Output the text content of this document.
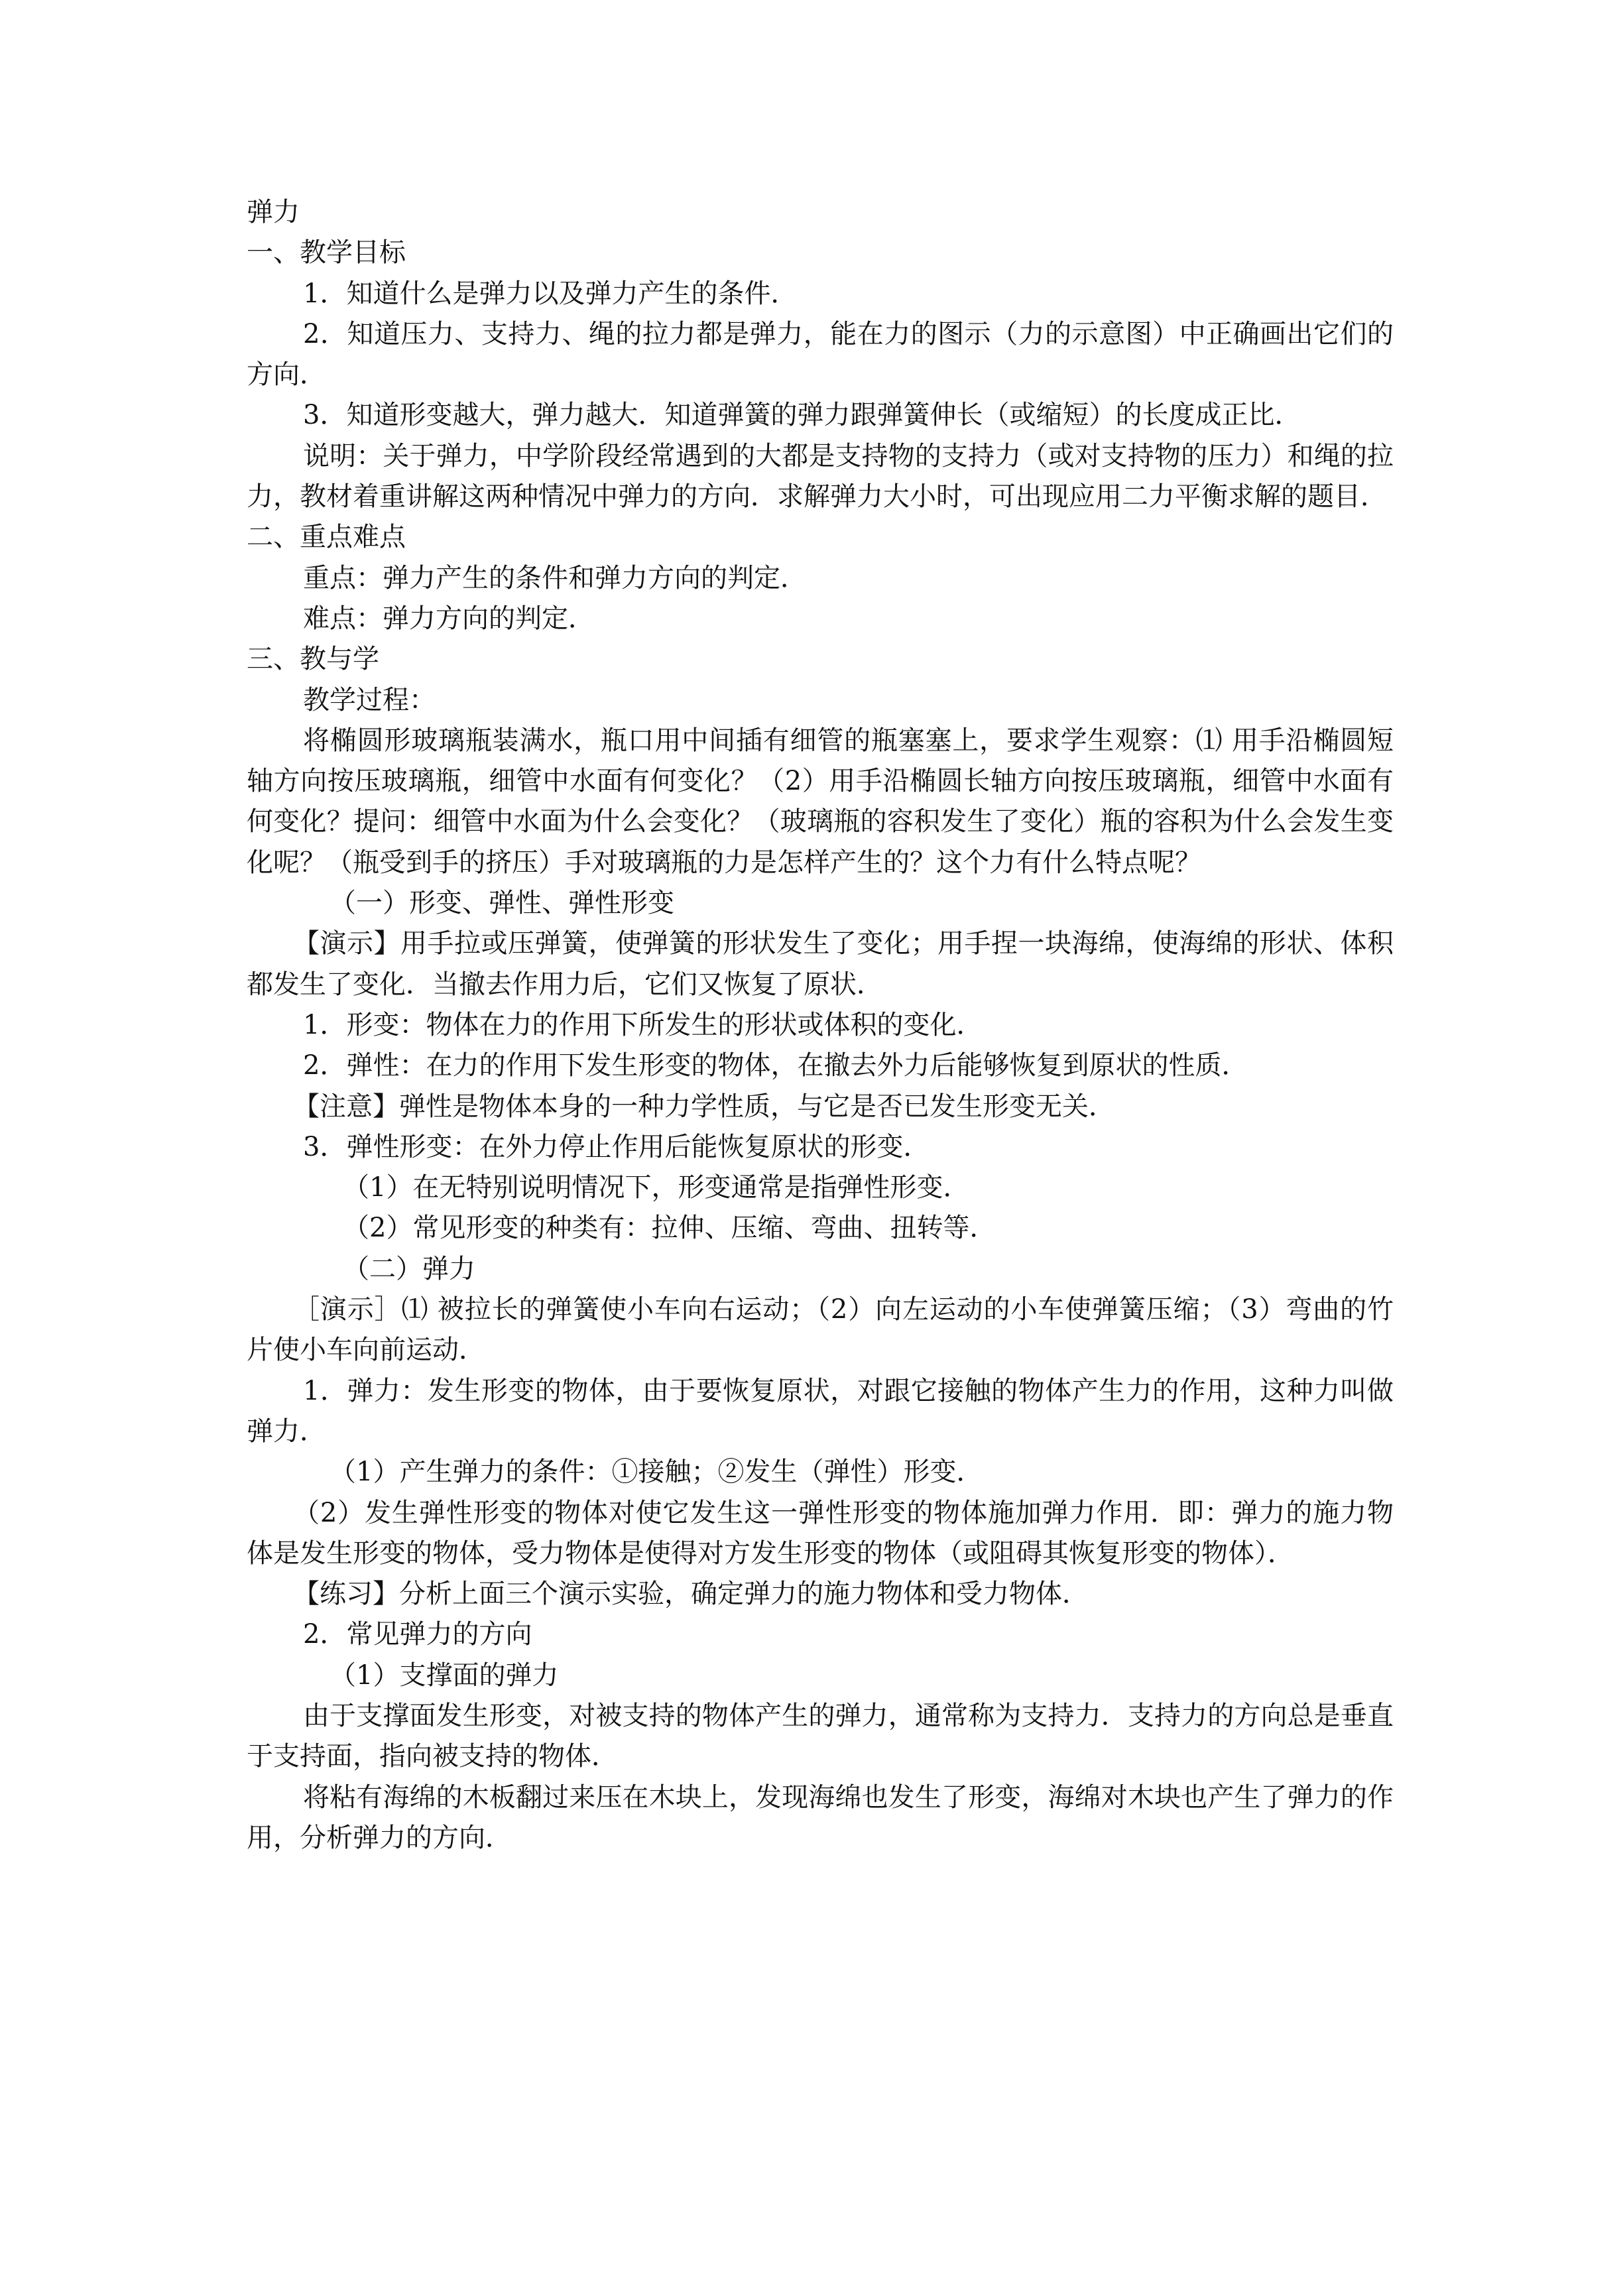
弹力

一、教学目标

1．知道什么是弹力以及弹力产生的条件．

2．知道压力、支持力、绳的拉力都是弹力，能在力的图示（力的示意图）中正确画出它们的方向．

3．知道形变越大，弹力越大．知道弹簧的弹力跟弹簧伸长（或缩短）的长度成正比．

说明：关于弹力，中学阶段经常遇到的大都是支持物的支持力（或对支持物的压力）和绳的拉力，教材着重讲解这两种情况中弹力的方向．求解弹力大小时，可出现应用二力平衡求解的题目．

二、重点难点

重点：弹力产生的条件和弹力方向的判定．

难点：弹力方向的判定．

三、教与学

教学过程：

将椭圆形玻璃瓶装满水，瓶口用中间插有细管的瓶塞塞上，要求学生观察：⑴ 用手沿椭圆短轴方向按压玻璃瓶，细管中水面有何变化？（2）用手沿椭圆长轴方向按压玻璃瓶，细管中水面有何变化？提问：细管中水面为什么会变化？（玻璃瓶的容积发生了变化）瓶的容积为什么会发生变化呢？（瓶受到手的挤压）手对玻璃瓶的力是怎样产生的？这个力有什么特点呢？

（一）形变、弹性、弹性形变

【演示】用手拉或压弹簧，使弹簧的形状发生了变化；用手捏一块海绵，使海绵的形状、体积都发生了变化．当撤去作用力后，它们又恢复了原状．

1．形变：物体在力的作用下所发生的形状或体积的变化．

2．弹性：在力的作用下发生形变的物体，在撤去外力后能够恢复到原状的性质．

【注意】弹性是物体本身的一种力学性质，与它是否已发生形变无关．

3．弹性形变：在外力停止作用后能恢复原状的形变．

（1）在无特别说明情况下，形变通常是指弹性形变．

（2）常见形变的种类有：拉伸、压缩、弯曲、扭转等．

（二）弹力

［演示］⑴ 被拉长的弹簧使小车向右运动；（2）向左运动的小车使弹簧压缩；（3）弯曲的竹片使小车向前运动．

1．弹力：发生形变的物体，由于要恢复原状，对跟它接触的物体产生力的作用，这种力叫做弹力．

（1）产生弹力的条件：①接触；②发生（弹性）形变．

（2）发生弹性形变的物体对使它发生这一弹性形变的物体施加弹力作用．即：弹力的施力物体是发生形变的物体，受力物体是使得对方发生形变的物体（或阻碍其恢复形变的物体）．

【练习】分析上面三个演示实验，确定弹力的施力物体和受力物体．

2．常见弹力的方向

（1）支撑面的弹力

由于支撑面发生形变，对被支持的物体产生的弹力，通常称为支持力．支持力的方向总是垂直于支持面，指向被支持的物体．

将粘有海绵的木板翻过来压在木块上，发现海绵也发生了形变，海绵对木块也产生了弹力的作用，分析弹力的方向．
